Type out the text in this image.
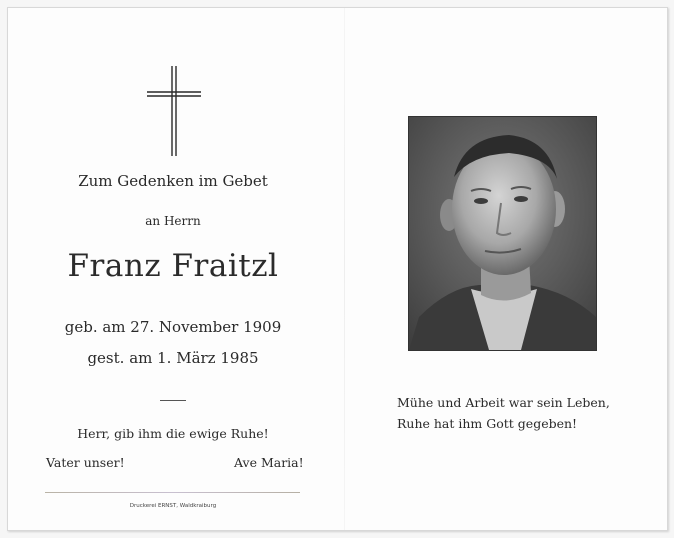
Zum Gedenken im Gebet
an Herrn
Franz Fraitzl
geb. am 27. November 1909
gest. am 1. März 1985
Herr, gib ihm die ewige Ruhe!
Vater unser!	Ave Maria!
Druckerei ERNST, Waldkraiburg
Mühe und Arbeit war sein Leben,
Ruhe hat ihm Gott gegeben!
